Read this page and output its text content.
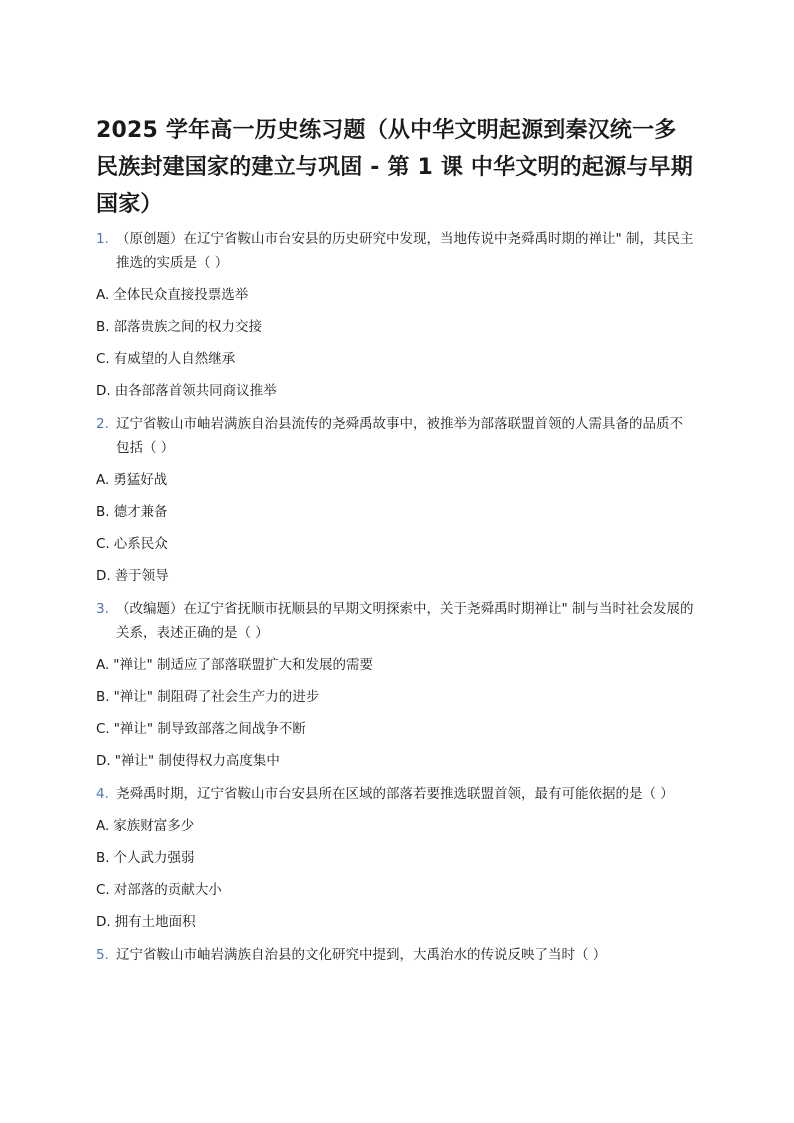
2025 学年高一历史练习题（从中华文明起源到秦汉统一多民族封建国家的建立与巩固 - 第 1 课 中华文明的起源与早期国家）
1. （原创题）在辽宁省鞍山市台安县的历史研究中发现，当地传说中尧舜禹时期的禅让" 制，其民主推选的实质是（ ）
A. 全体民众直接投票选举
B. 部落贵族之间的权力交接
C. 有威望的人自然继承
D. 由各部落首领共同商议推举
2. 辽宁省鞍山市岫岩满族自治县流传的尧舜禹故事中，被推举为部落联盟首领的人需具备的品质不包括（ ）
A. 勇猛好战
B. 德才兼备
C. 心系民众
D. 善于领导
3. （改编题）在辽宁省抚顺市抚顺县的早期文明探索中，关于尧舜禹时期禅让" 制与当时社会发展的关系，表述正确的是（ ）
A. "禅让" 制适应了部落联盟扩大和发展的需要
B. "禅让" 制阻碍了社会生产力的进步
C. "禅让" 制导致部落之间战争不断
D. "禅让" 制使得权力高度集中
4. 尧舜禹时期，辽宁省鞍山市台安县所在区域的部落若要推选联盟首领，最有可能依据的是（ ）
A. 家族财富多少
B. 个人武力强弱
C. 对部落的贡献大小
D. 拥有土地面积
5. 辽宁省鞍山市岫岩满族自治县的文化研究中提到，大禹治水的传说反映了当时（ ）
